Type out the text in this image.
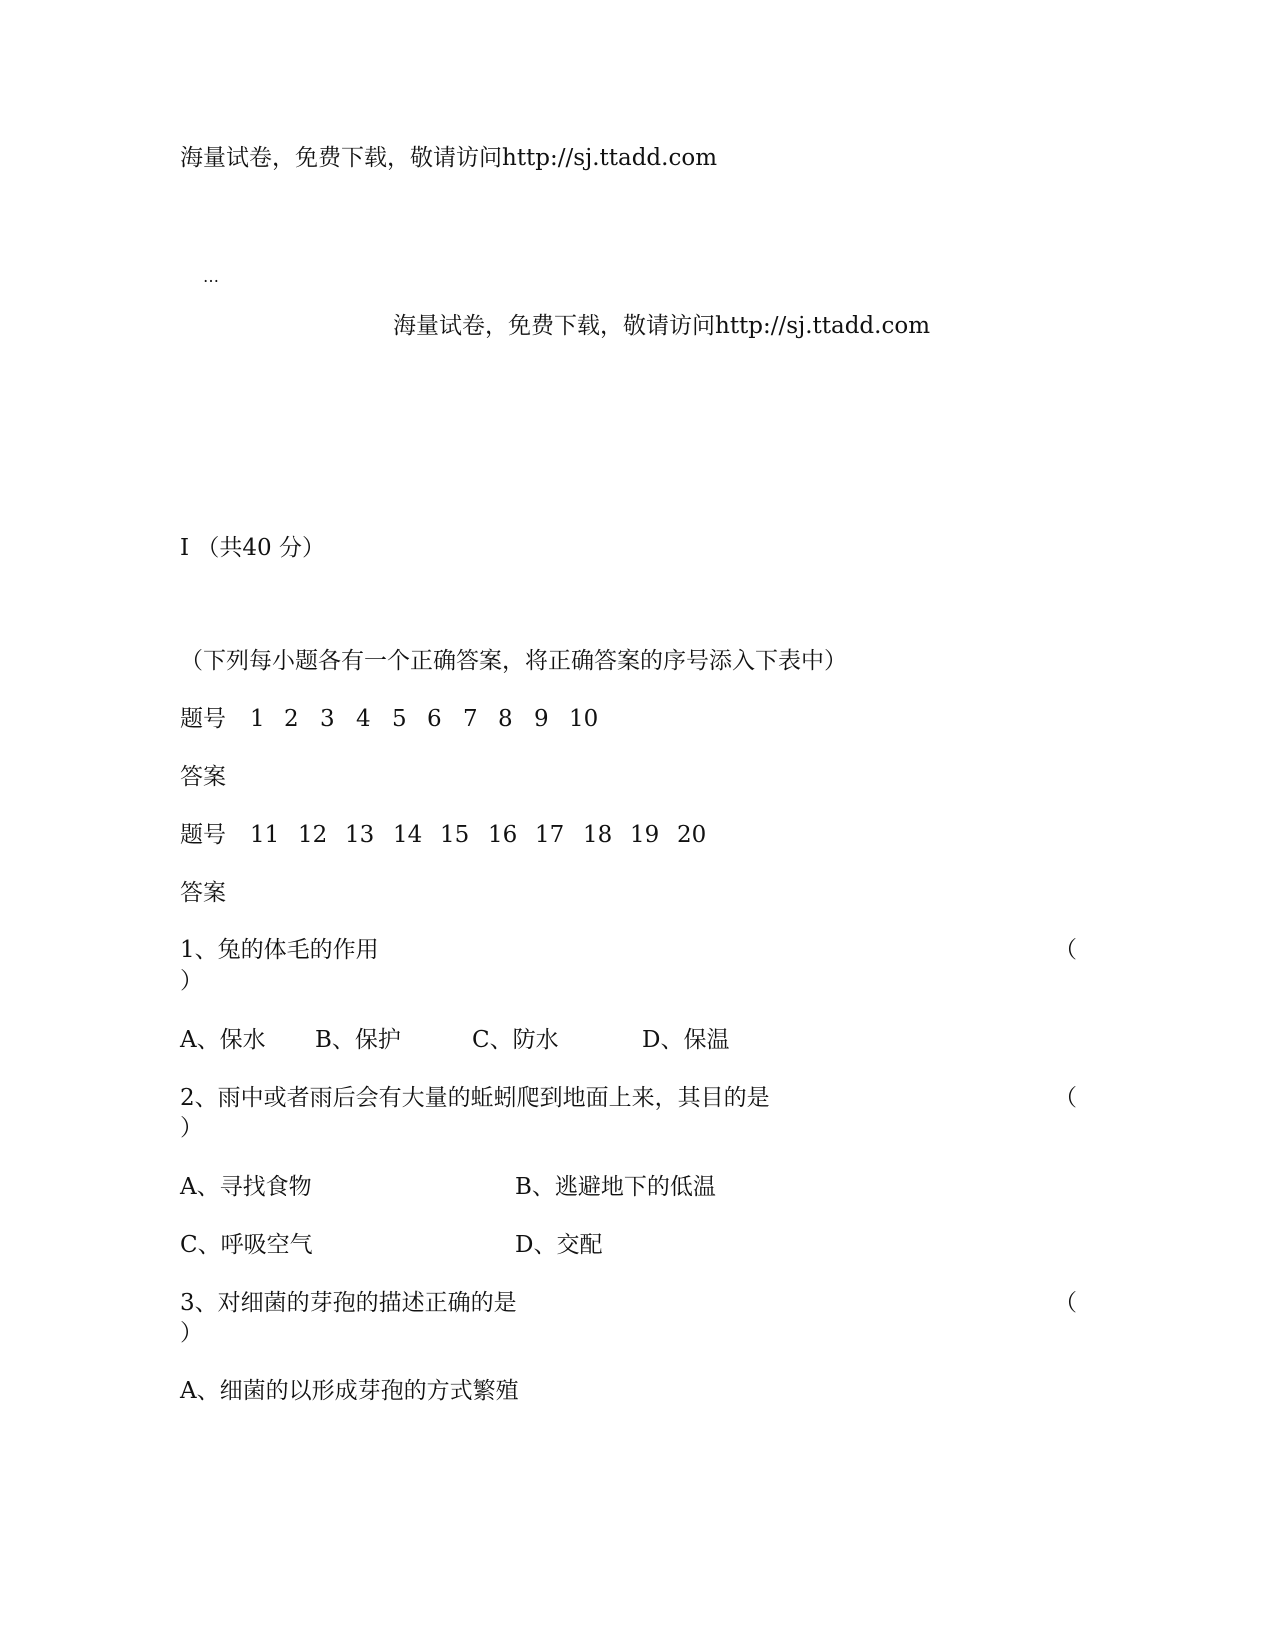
海量试卷，免费下载，敬请访问http://sj.ttadd.com
…
海量试卷，免费下载，敬请访问http://sj.ttadd.com
I （共40 分）
（下列每小题各有一个正确答案，将正确答案的序号添入下表中）
题号 1 2 3 4 5 6 7 8 9 10
答案
题号 11 12 13 14 15 16 17 18 19 20
答案
1、兔的体毛的作用	（
）
A、保水 B、保护	C、防水	D、保温
2、雨中或者雨后会有大量的蚯蚓爬到地面上来，其目的是	（
）
A、寻找食物	B、逃避地下的低温
C、呼吸空气	D、交配
3、对细菌的芽孢的描述正确的是	（
）
A、细菌的以形成芽孢的方式繁殖
